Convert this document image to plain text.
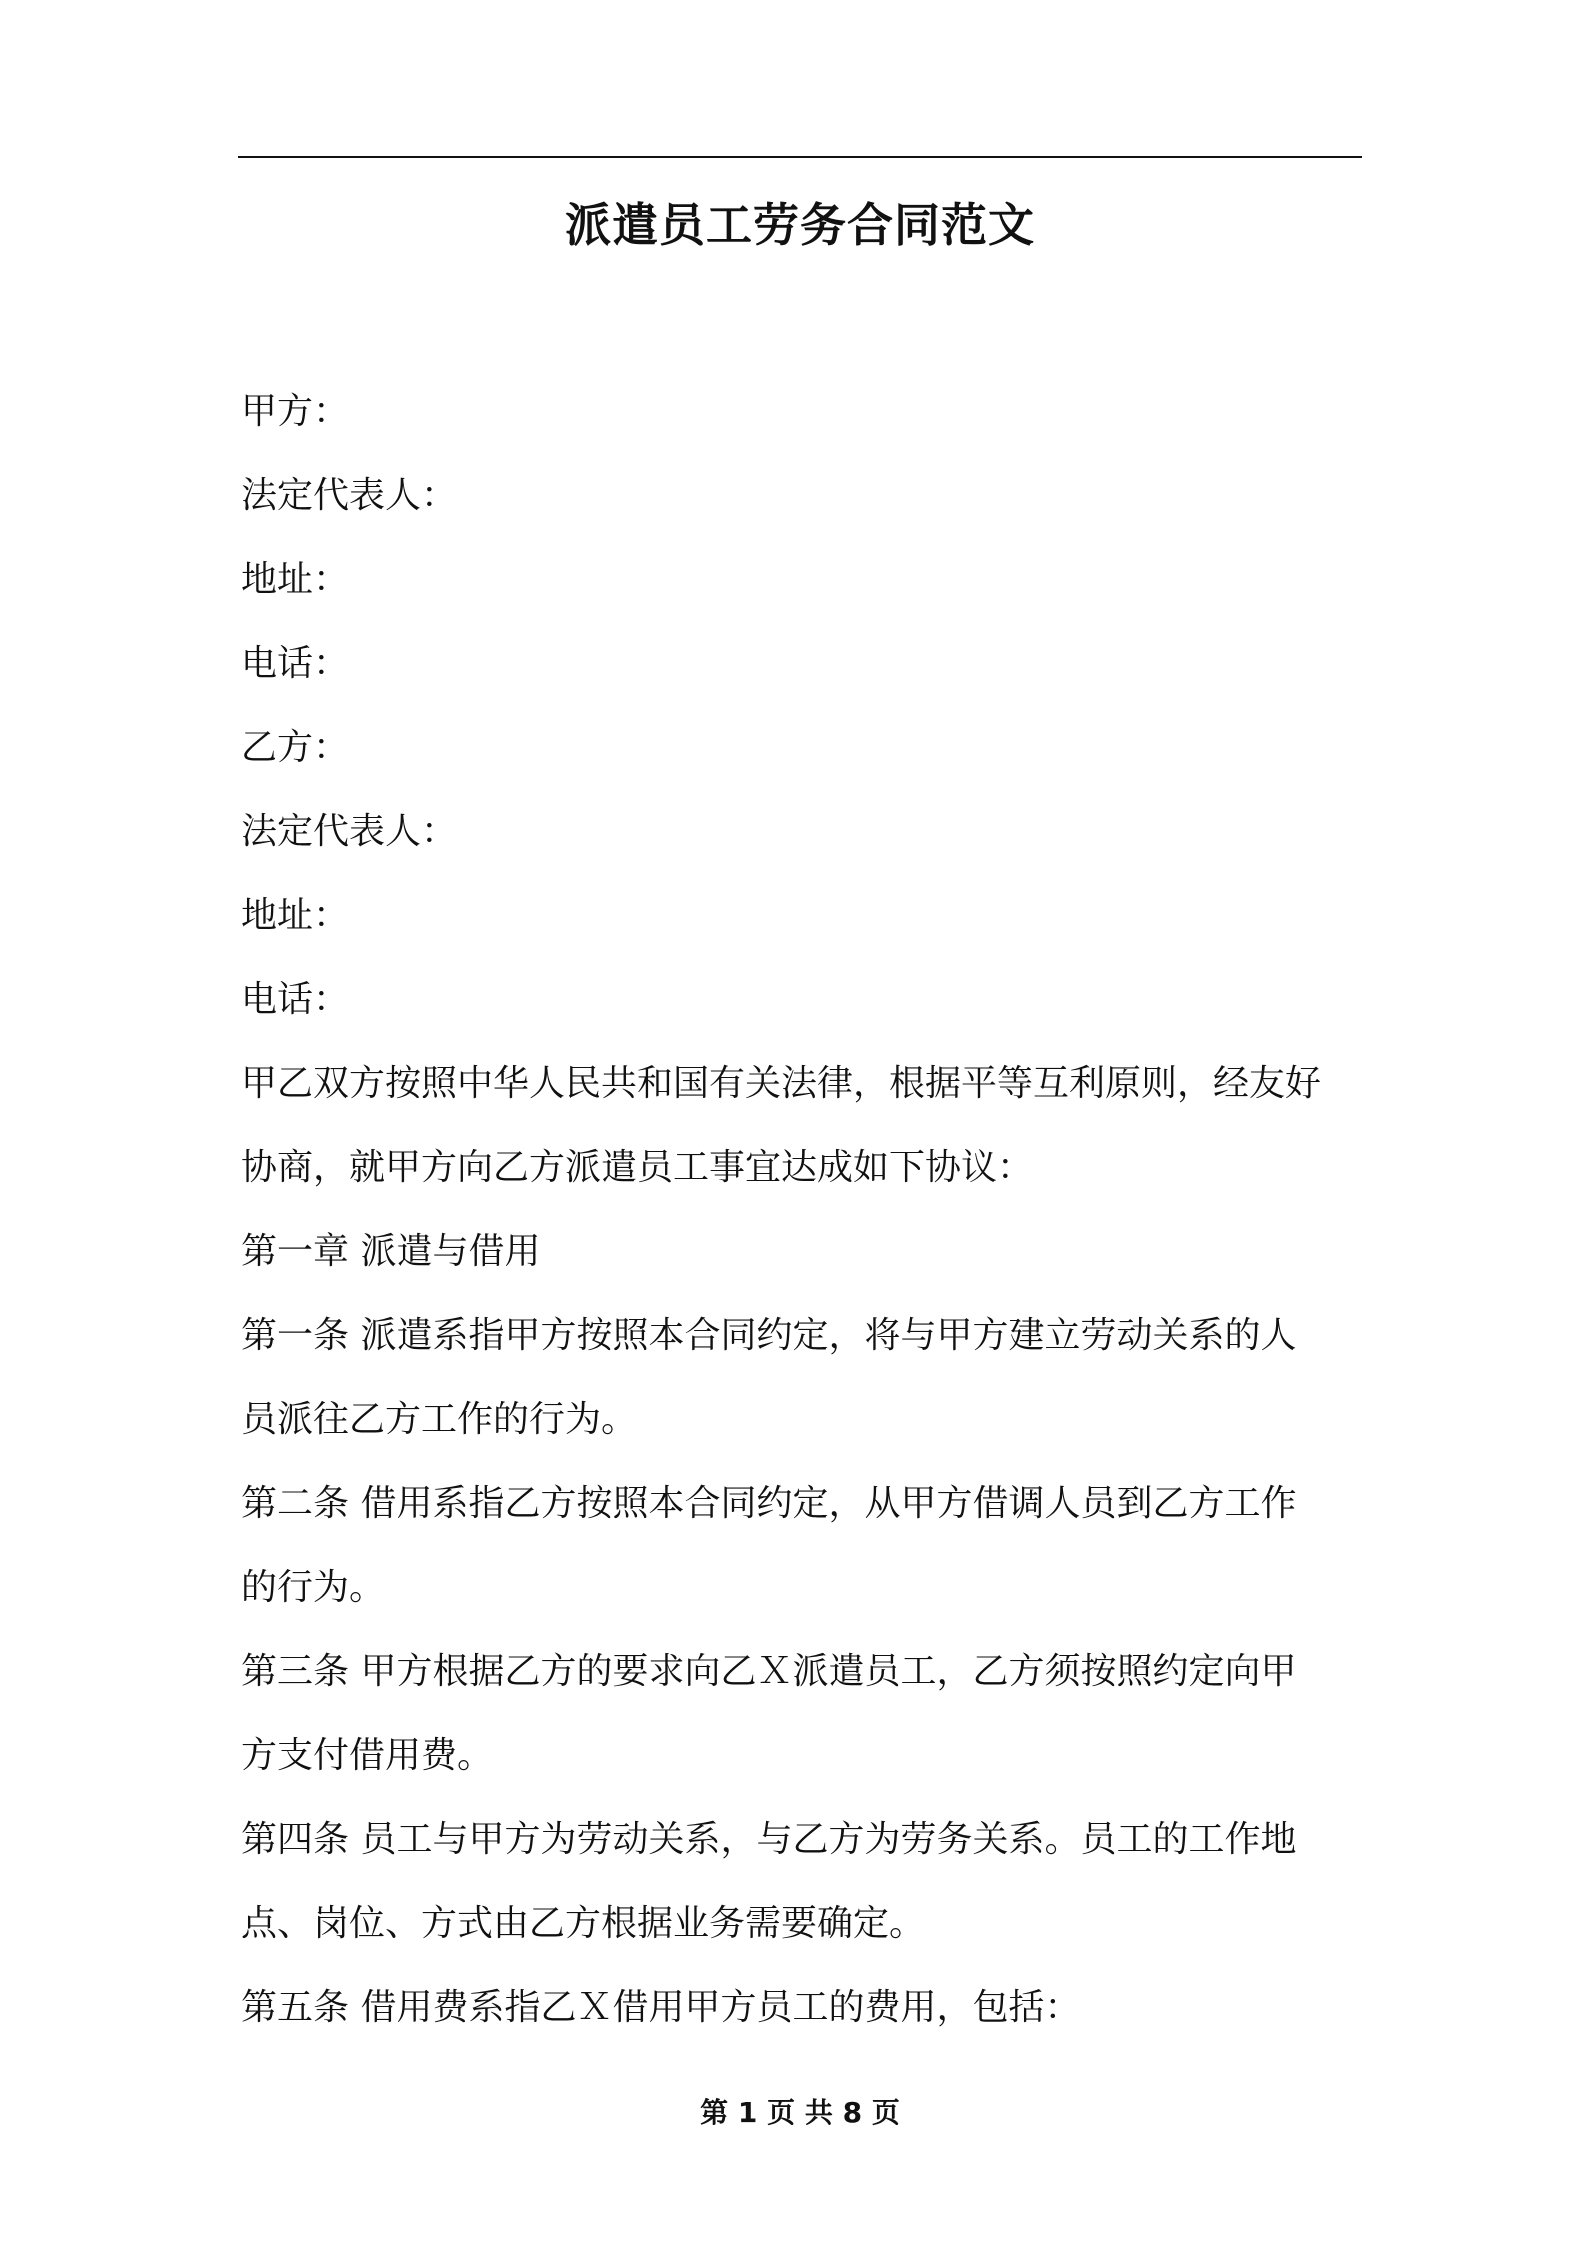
派遣员工劳务合同范文
甲方：
法定代表人：
地址：
电话：
乙方：
法定代表人：
地址：
电话：
甲乙双方按照中华人民共和国有关法律，根据平等互利原则，经友好
协商，就甲方向乙方派遣员工事宜达成如下协议：
第一章 派遣与借用
第一条 派遣系指甲方按照本合同约定，将与甲方建立劳动关系的人
员派往乙方工作的行为。
第二条 借用系指乙方按照本合同约定，从甲方借调人员到乙方工作
的行为。
第三条 甲方根据乙方的要求向乙Ｘ派遣员工，乙方须按照约定向甲
方支付借用费。
第四条 员工与甲方为劳动关系，与乙方为劳务关系。员工的工作地
点、岗位、方式由乙方根据业务需要确定。
第五条 借用费系指乙Ｘ借用甲方员工的费用，包括：
第 1 页 共 8 页
